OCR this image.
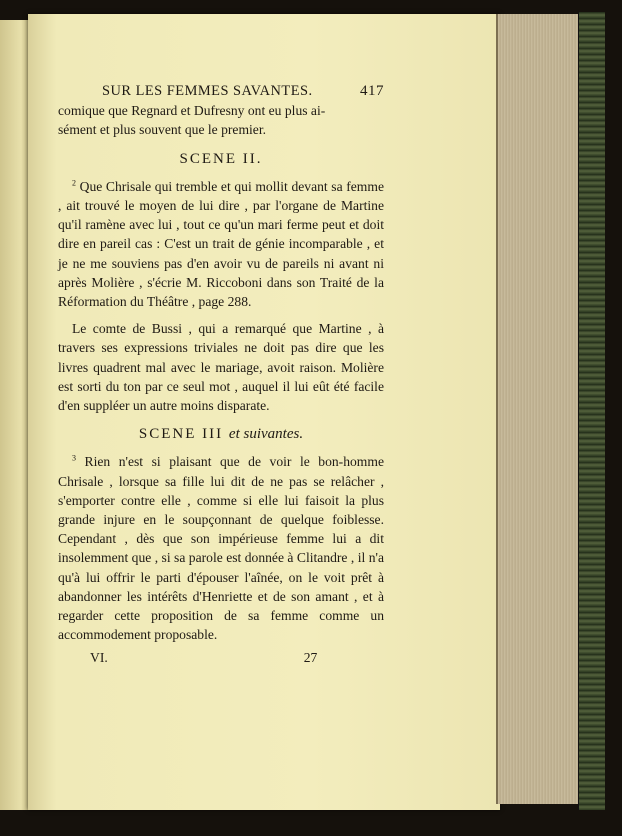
SUR LES FEMMES SAVANTES.	417

comique que Regnard et Dufresny ont eu plus ai-
sément et plus souvent que le premier.

SCENE II.

$^2$ Que Chrisale qui tremble et qui mollit devant sa femme , ait trouvé le moyen de lui dire , par l'organe de Martine qu'il ramène avec lui , tout ce qu'un mari ferme peut et doit dire en pareil cas : C'est un trait de génie incomparable , et je ne me souviens pas d'en avoir vu de pareils ni avant ni après Molière , s'écrie M. Riccoboni dans son Traité de la Réformation du Théâtre , page 288.

Le comte de Bussi , qui a remarqué que Martine , à travers ses expressions triviales ne doit pas dire que les livres quadrent mal avec le mariage, avoit raison. Molière est sorti du ton par ce seul mot , auquel il lui eût été facile d'en suppléer un autre moins disparate.

SCENE III et suivantes.

$^3$ Rien n'est si plaisant que de voir le bon-homme Chrisale , lorsque sa fille lui dit de ne pas se relâcher , s'emporter contre elle , comme si elle lui faisoit la plus grande injure en le soupçonnant de quelque foiblesse. Cependant , dès que son impérieuse femme lui a dit insolemment que , si sa parole est donnée à Clitandre , il n'a qu'à lui offrir le parti d'épouser l'aînée, on le voit prêt à abandonner les intérêts d'Henriette et de son amant , et à regarder cette proposition de sa femme comme un accommodement proposable.

VI.	27
